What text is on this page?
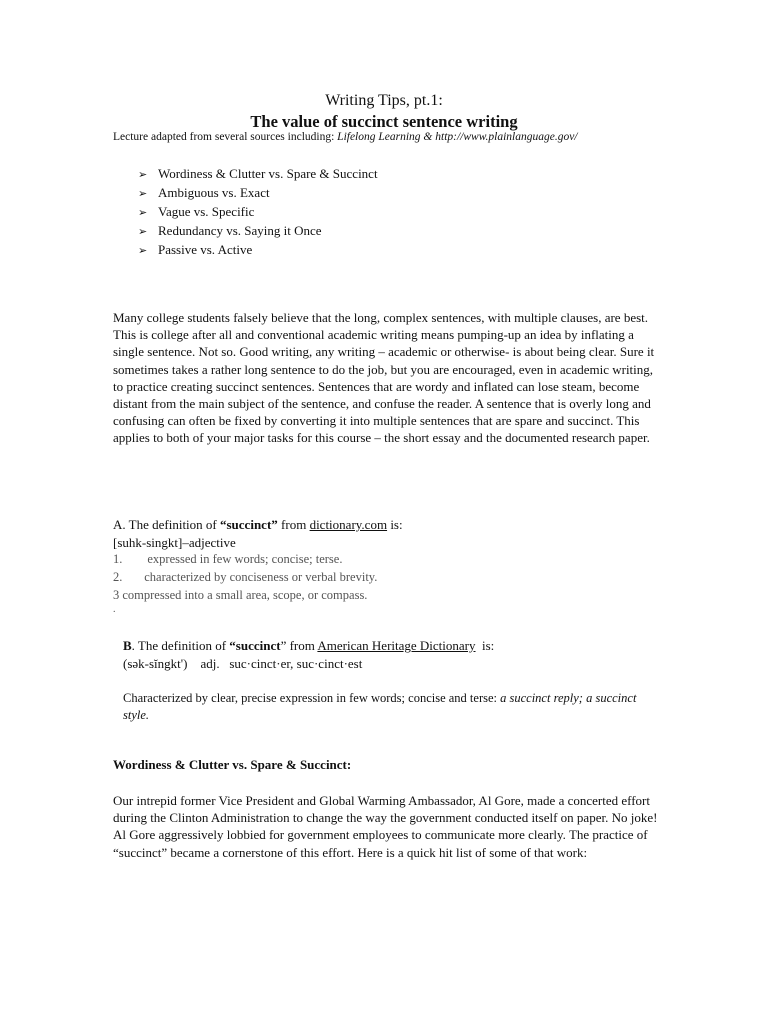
Writing Tips, pt.1:
The value of succinct sentence writing
Lecture adapted from several sources including: Lifelong Learning & http://www.plainlanguage.gov/
➢ Wordiness & Clutter vs. Spare & Succinct
➢ Ambiguous vs. Exact
➢ Vague vs. Specific
➢ Redundancy vs. Saying it Once
➢ Passive vs. Active
Many college students falsely believe that the long, complex sentences, with multiple clauses, are best. This is college after all and conventional academic writing means pumping-up an idea by inflating a single sentence. Not so. Good writing, any writing – academic or otherwise- is about being clear. Sure it sometimes takes a rather long sentence to do the job, but you are encouraged, even in academic writing, to practice creating succinct sentences. Sentences that are wordy and inflated can lose steam, become distant from the main subject of the sentence, and confuse the reader. A sentence that is overly long and confusing can often be fixed by converting it into multiple sentences that are spare and succinct. This applies to both of your major tasks for this course – the short essay and the documented research paper.
A. The definition of “succinct” from dictionary.com is:
[suhk-singkt]–adjective
1.        expressed in few words; concise; terse.
2.       characterized by conciseness or verbal brevity.
3 compressed into a small area, scope, or compass.
.
B. The definition of “succinct” from American Heritage Dictionary  is:
(sək-sĭngkt')    adj.   suc·cinct·er, suc·cinct·est
Characterized by clear, precise expression in few words; concise and terse: a succinct reply; a succinct style.
Wordiness & Clutter vs. Spare & Succinct:
Our intrepid former Vice President and Global Warming Ambassador, Al Gore, made a concerted effort during the Clinton Administration to change the way the government conducted itself on paper. No joke! Al Gore aggressively lobbied for government employees to communicate more clearly. The practice of “succinct” became a cornerstone of this effort. Here is a quick hit list of some of that work:
